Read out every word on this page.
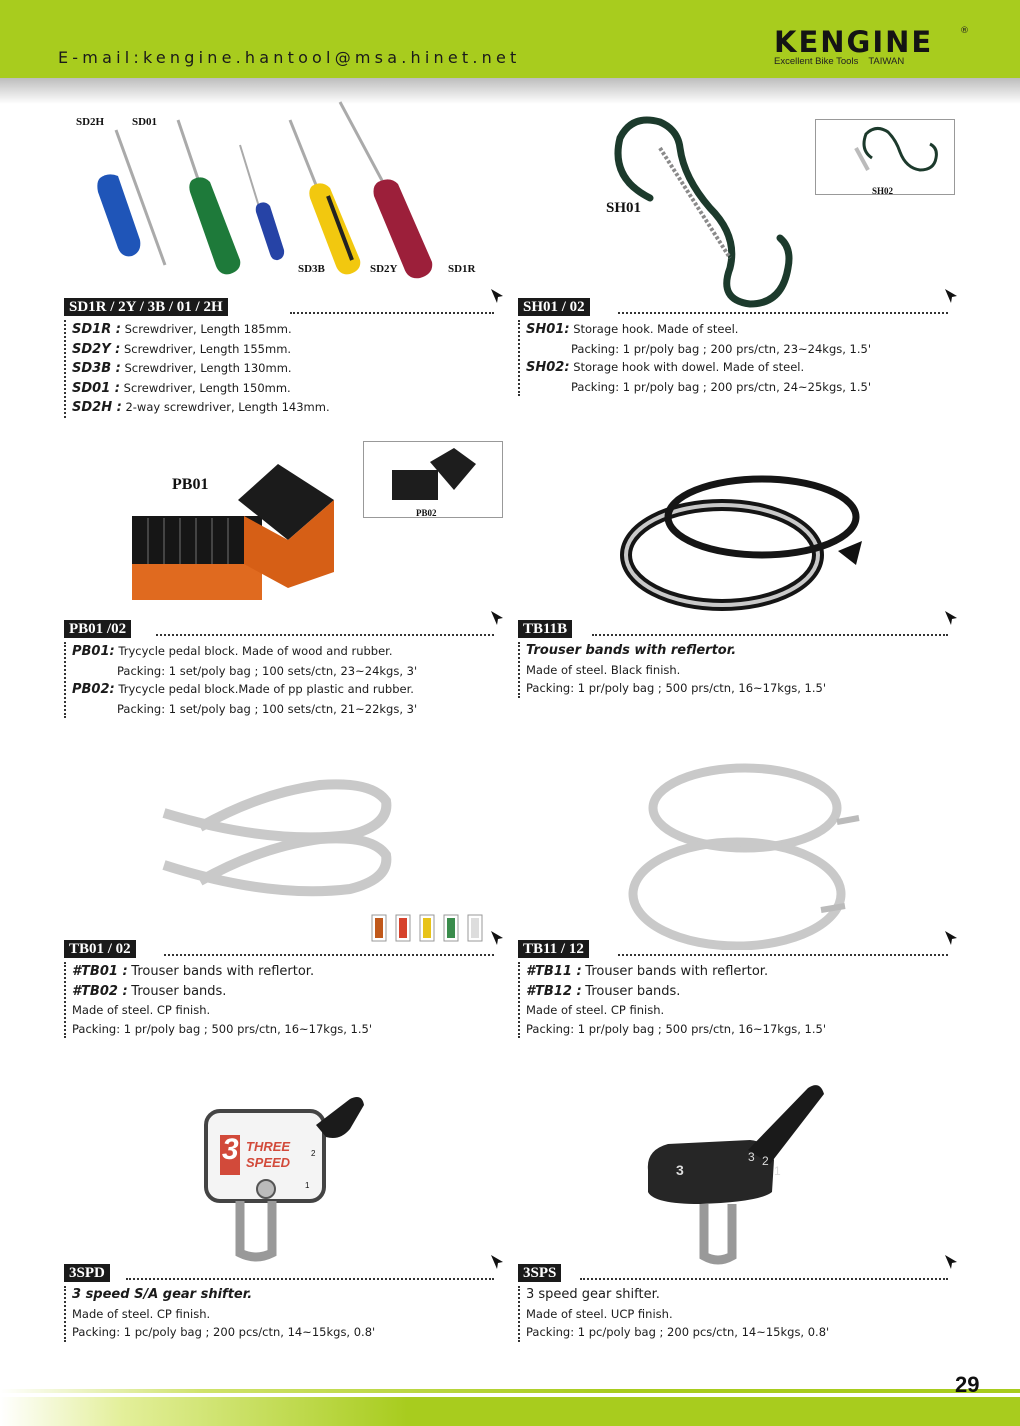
E-mail:kengine.hantool@msa.hinet.net	KENGINE	®
Excellent Bike Tools TAIWAN
SD2H	SD01
SD3B	SD2Y	SD1R
SD1R / 2Y / 3B / 01 / 2H
SD1R : Screwdriver, Length 185mm.
SD2Y : Screwdriver, Length 155mm.
SD3B : Screwdriver, Length 130mm.
SD01 : Screwdriver, Length 150mm.
SD2H : 2-way screwdriver, Length 143mm.
SH01
SH02
SH01 / 02
SH01: Storage hook. Made of steel.
Packing: 1 pr/poly bag ; 200 prs/ctn, 23~24kgs, 1.5'
SH02: Storage hook with dowel. Made of steel.
Packing: 1 pr/poly bag ; 200 prs/ctn, 24~25kgs, 1.5'
PB01
PB02
PB01 /02
PB01: Trycycle pedal block. Made of wood and rubber.
Packing: 1 set/poly bag ; 100 sets/ctn, 23~24kgs, 3'
PB02: Trycycle pedal block.Made of pp plastic and rubber.
Packing: 1 set/poly bag ; 100 sets/ctn, 21~22kgs, 3'
TB11B
Trouser bands with reflertor.
Made of steel. Black finish.
Packing: 1 pr/poly bag ; 500 prs/ctn, 16~17kgs, 1.5'
TB01 / 02
#TB01 : Trouser bands with reflertor.
#TB02 : Trouser bands.
Made of steel. CP finish.
Packing: 1 pr/poly bag ; 500 prs/ctn, 16~17kgs, 1.5'
TB11 / 12
#TB11 : Trouser bands with reflertor.
#TB12 : Trouser bands.
Made of steel. CP finish.
Packing: 1 pr/poly bag ; 500 prs/ctn, 16~17kgs, 1.5'
3 THREE
SPEED
2
1
3SPD
3 speed S/A gear shifter.
Made of steel. CP finish.
Packing: 1 pc/poly bag ; 200 pcs/ctn, 14~15kgs, 0.8'
3
3 2
1
3SPS
3 speed gear shifter.
Made of steel. UCP finish.
Packing: 1 pc/poly bag ; 200 pcs/ctn, 14~15kgs, 0.8'
29
